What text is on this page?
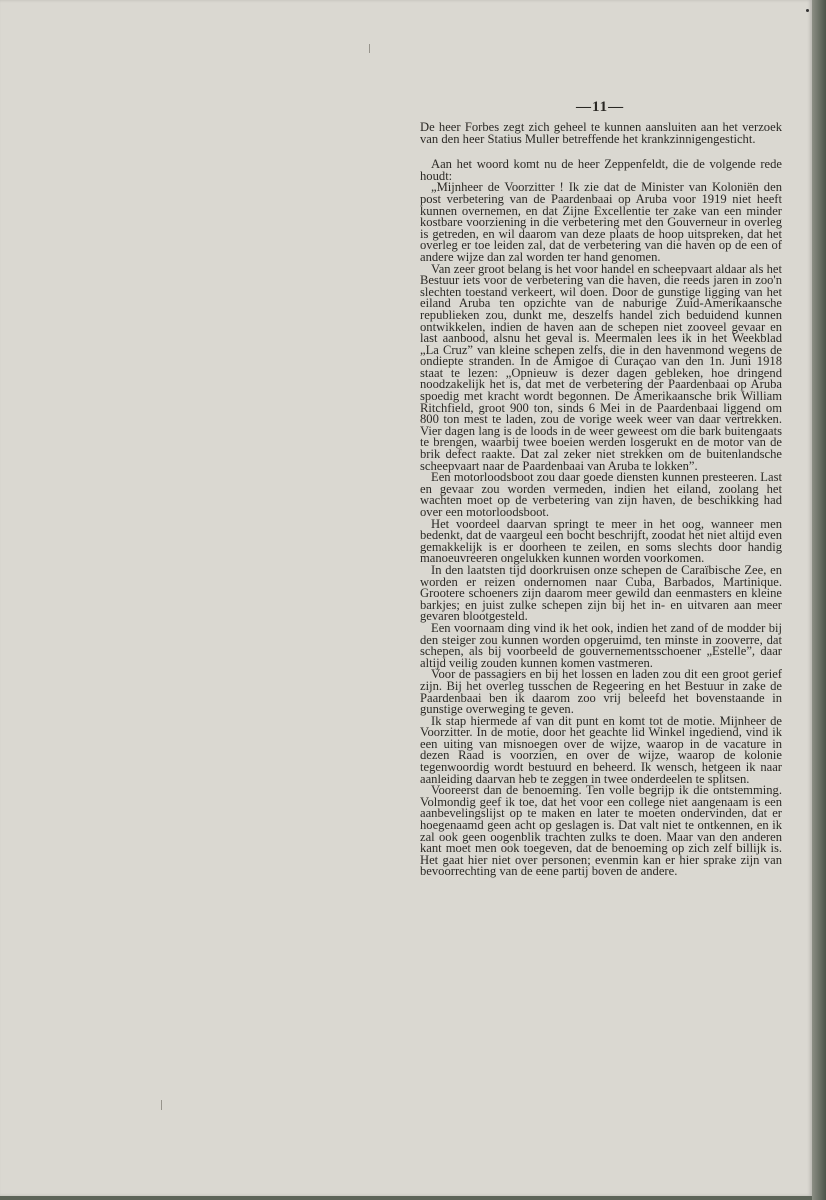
—11—

De heer Forbes zegt zich geheel te kunnen aansluiten aan het verzoek van den heer Statius Muller betreffende het krankzinnigengesticht.

Aan het woord komt nu de heer Zeppenfeldt, die de volgende rede houdt:

„Mijnheer de Voorzitter ! Ik zie dat de Minister van Koloniën den post verbetering van de Paardenbaai op Aruba voor 1919 niet heeft kunnen overnemen, en dat Zijne Excellentie ter zake van een minder kostbare voorziening in die verbetering met den Gouverneur in overleg is getreden, en wil daarom van deze plaats de hoop uitspreken, dat het overleg er toe leiden zal, dat de verbetering van die haven op de een of andere wijze dan zal worden ter hand genomen.

Van zeer groot belang is het voor handel en scheepvaart aldaar als het Bestuur iets voor de verbetering van die haven, die reeds jaren in zoo'n slechten toestand verkeert, wil doen. Door de gunstige ligging van het eiland Aruba ten opzichte van de naburige Zuid-Amerikaansche republieken zou, dunkt me, deszelfs handel zich beduidend kunnen ontwikkelen, indien de haven aan de schepen niet zooveel gevaar en last aanbood, alsnu het geval is. Meermalen lees ik in het Weekblad „La Cruz” van kleine schepen zelfs, die in den havenmond wegens de ondiepte stranden. In de Amigoe di Curaçao van den 1n. Juni 1918 staat te lezen: „Opnieuw is dezer dagen gebleken, hoe dringend noodzakelijk het is, dat met de verbetering der Paardenbaai op Aruba spoedig met kracht wordt begonnen. De Amerikaansche brik William Ritchfield, groot 900 ton, sinds 6 Mei in de Paardenbaai liggend om 800 ton mest te laden, zou de vorige week weer van daar vertrekken. Vier dagen lang is de loods in de weer geweest om die bark buitengaats te brengen, waarbij twee boeien werden losgerukt en de motor van de brik defect raakte. Dat zal zeker niet strekken om de buitenlandsche scheepvaart naar de Paardenbaai van Aruba te lokken”.

Een motorloodsboot zou daar goede diensten kunnen presteeren. Last en gevaar zou worden vermeden, indien het eiland, zoolang het wachten moet op de verbetering van zijn haven, de beschikking had over een motorloodsboot.

Het voordeel daarvan springt te meer in het oog, wanneer men bedenkt, dat de vaargeul een bocht beschrijft, zoodat het niet altijd even gemakkelijk is er doorheen te zeilen, en soms slechts door handig manoeuvreeren ongelukken kunnen worden voorkomen.

In den laatsten tijd doorkruisen onze schepen de Caraïbische Zee, en worden er reizen ondernomen naar Cuba, Barbados, Martinique. Grootere schoeners zijn daarom meer gewild dan eenmasters en kleine barkjes; en juist zulke schepen zijn bij het in- en uitvaren aan meer gevaren blootgesteld.

Een voornaam ding vind ik het ook, indien het zand of de modder bij den steiger zou kunnen worden opgeruimd, ten minste in zooverre, dat schepen, als bij voorbeeld de gouvernementsschoener „Estelle”, daar altijd veilig zouden kunnen komen vastmeren.

Voor de passagiers en bij het lossen en laden zou dit een groot gerief zijn. Bij het overleg tusschen de Regeering en het Bestuur in zake de Paardenbaai ben ik daarom zoo vrij beleefd het bovenstaande in gunstige overweging te geven.

Ik stap hiermede af van dit punt en komt tot de motie. Mijnheer de Voorzitter. In de motie, door het geachte lid Winkel ingediend, vind ik een uiting van misnoegen over de wijze, waarop in de vacature in dezen Raad is voorzien, en over de wijze, waarop de kolonie tegenwoordig wordt bestuurd en beheerd. Ik wensch, hetgeen ik naar aanleiding daarvan heb te zeggen in twee onderdeelen te splitsen.

Vooreerst dan de benoeming. Ten volle begrijp ik die ontstemming. Volmondig geef ik toe, dat het voor een college niet aangenaam is een aanbevelingslijst op te maken en later te moeten ondervinden, dat er hoegenaamd geen acht op geslagen is. Dat valt niet te ontkennen, en ik zal ook geen oogenblik trachten zulks te doen. Maar van den anderen kant moet men ook toegeven, dat de benoeming op zich zelf billijk is. Het gaat hier niet over personen; evenmin kan er hier sprake zijn van bevoorrechting van de eene partij boven de andere.
